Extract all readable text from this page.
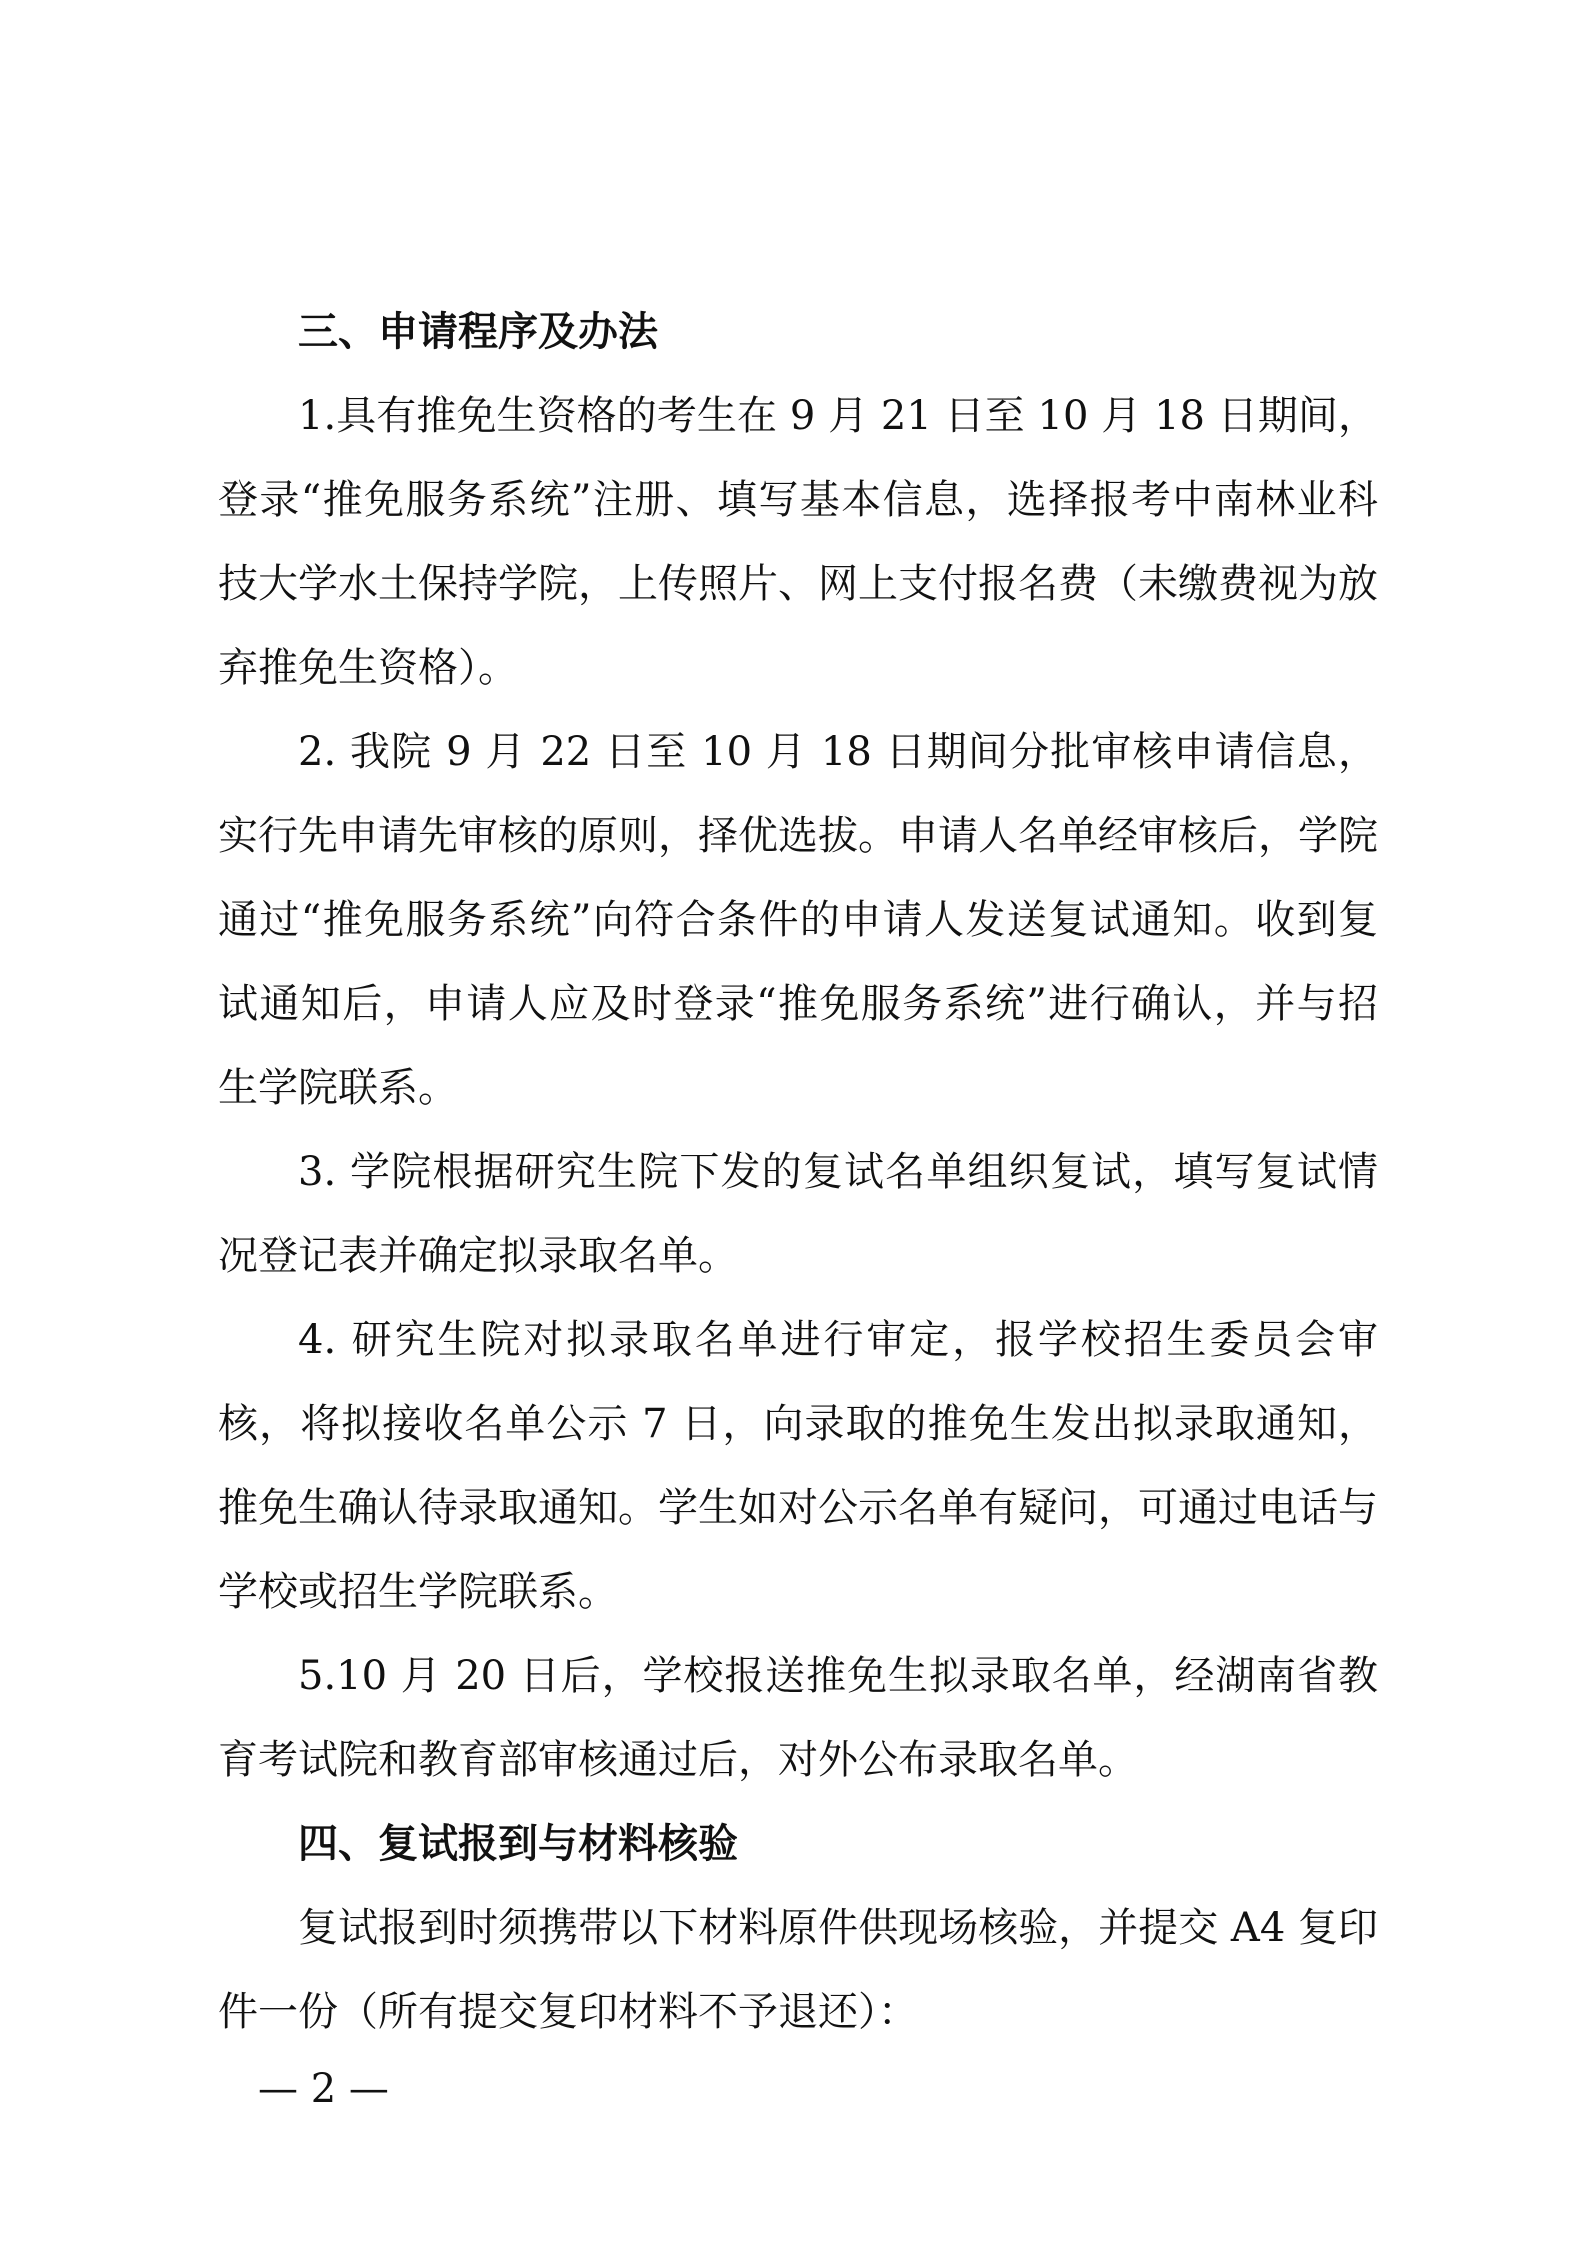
三、申请程序及办法

1.具有推免生资格的考生在 9 月 21 日至 10 月 18 日期间，登录“推免服务系统”注册、填写基本信息，选择报考中南林业科技大学水土保持学院，上传照片、网上支付报名费（未缴费视为放弃推免生资格）。

2. 我院 9 月 22 日至 10 月 18 日期间分批审核申请信息，实行先申请先审核的原则，择优选拔。申请人名单经审核后，学院通过“推免服务系统”向符合条件的申请人发送复试通知。收到复试通知后，申请人应及时登录“推免服务系统”进行确认，并与招生学院联系。

3. 学院根据研究生院下发的复试名单组织复试，填写复试情况登记表并确定拟录取名单。

4. 研究生院对拟录取名单进行审定，报学校招生委员会审核，将拟接收名单公示 7 日，向录取的推免生发出拟录取通知，推免生确认待录取通知。学生如对公示名单有疑问，可通过电话与学校或招生学院联系。

5.10 月 20 日后，学校报送推免生拟录取名单，经湖南省教育考试院和教育部审核通过后，对外公布录取名单。

四、复试报到与材料核验

复试报到时须携带以下材料原件供现场核验，并提交 A4 复印件一份（所有提交复印材料不予退还）：

— 2 —
